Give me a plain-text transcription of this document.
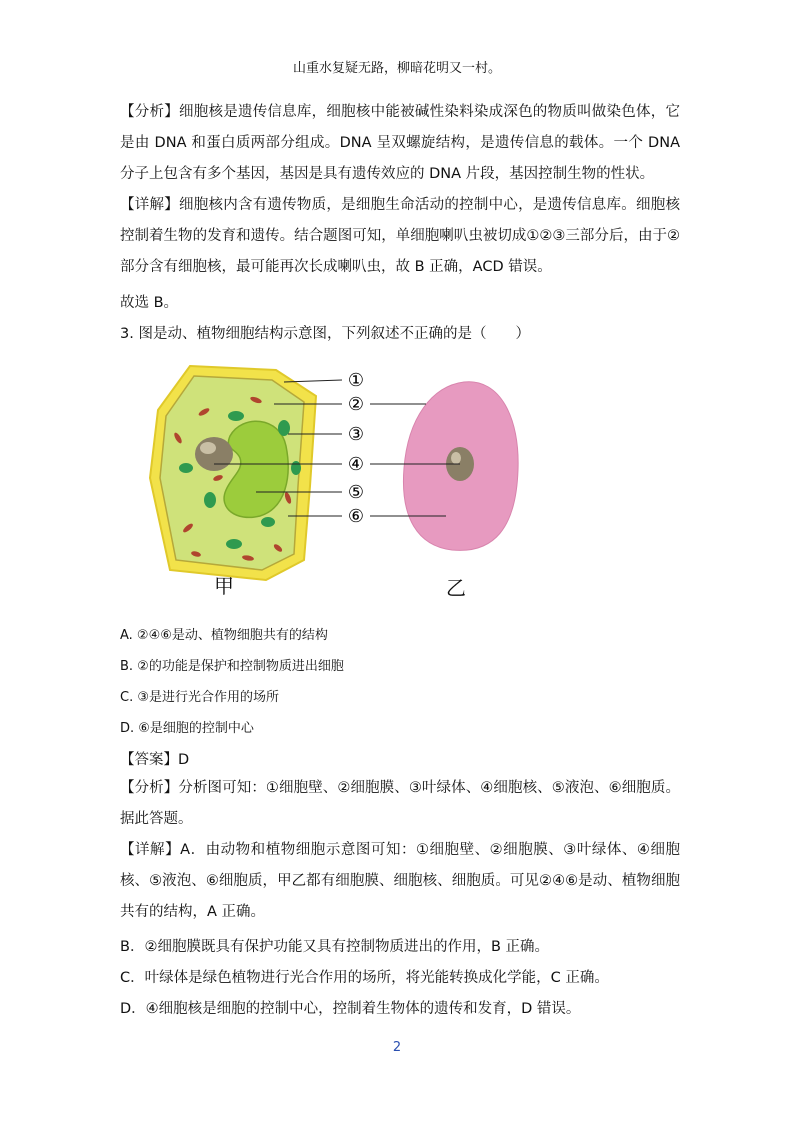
山重水复疑无路，柳暗花明又一村。

【分析】细胞核是遗传信息库，细胞核中能被碱性染料染成深色的物质叫做染色体，它是由 DNA 和蛋白质两部分组成。DNA 呈双螺旋结构，是遗传信息的载体。一个 DNA 分子上包含有多个基因，基因是具有遗传效应的 DNA 片段，基因控制生物的性状。

【详解】细胞核内含有遗传物质，是细胞生命活动的控制中心，是遗传信息库。细胞核控制着生物的发育和遗传。结合题图可知，单细胞喇叭虫被切成①②③三部分后，由于②部分含有细胞核，最可能再次长成喇叭虫，故 B 正确，ACD 错误。

故选 B。

3. 图是动、植物细胞结构示意图，下列叙述不正确的是（　　）

①
②
③
④
⑤
⑥
甲	乙

A. ②④⑥是动、植物细胞共有的结构

B. ②的功能是保护和控制物质进出细胞

C. ③是进行光合作用的场所

D. ⑥是细胞的控制中心

【答案】D

【分析】分析图可知：①细胞壁、②细胞膜、③叶绿体、④细胞核、⑤液泡、⑥细胞质。据此答题。

【详解】A．由动物和植物细胞示意图可知：①细胞壁、②细胞膜、③叶绿体、④细胞核、⑤液泡、⑥细胞质，甲乙都有细胞膜、细胞核、细胞质。可见②④⑥是动、植物细胞共有的结构，A 正确。

B．②细胞膜既具有保护功能又具有控制物质进出的作用，B 正确。

C．叶绿体是绿色植物进行光合作用的场所，将光能转换成化学能，C 正确。

D．④细胞核是细胞的控制中心，控制着生物体的遗传和发育，D 错误。

2
